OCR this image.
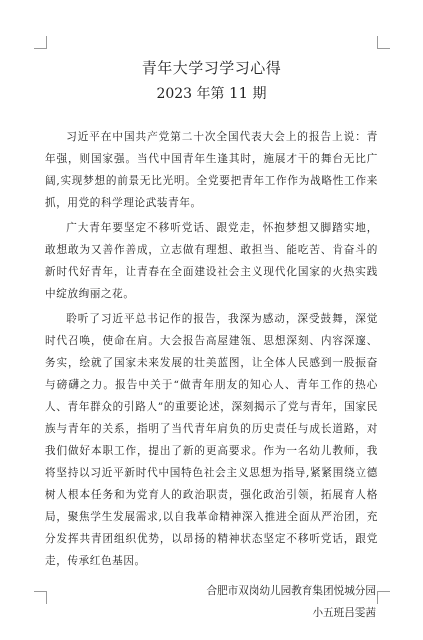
青年大学习学习心得
2023 年第 11 期

习近平在中国共产党第二十次全国代表大会上的报告上说：青年强，则国家强。当代中国青年生逢其时，施展才干的舞台无比广阔,实现梦想的前景无比光明。全党要把青年工作作为战略性工作来抓，用党的科学理论武装青年。

广大青年要坚定不移听党话、跟党走，怀抱梦想又脚踏实地，敢想敢为又善作善成，立志做有理想、敢担当、能吃苦、肯奋斗的新时代好青年，让青春在全面建设社会主义现代化国家的火热实践中绽放绚丽之花。

聆听了习近平总书记作的报告，我深为感动，深受鼓舞，深觉时代召唤，使命在肩。大会报告高屋建瓴、思想深刻、内容深邃、务实，绘就了国家未来发展的壮美蓝图，让全体人民感到一股振奋与磅礴之力。报告中关于“做青年朋友的知心人、青年工作的热心人、青年群众的引路人”的重要论述，深刻揭示了党与青年，国家民族与青年的关系，指明了当代青年肩负的历史责任与成长道路，对我们做好本职工作，提出了新的更高要求。作为一名幼儿教师，我将坚持以习近平新时代中国特色社会主义思想为指导,紧紧围绕立德树人根本任务和为党育人的政治职责，强化政治引领，拓展育人格局，聚焦学生发展需求,以自我革命精神深入推进全面从严治团，充分发挥共青团组织优势，以昂扬的精神状态坚定不移听党话，跟党走，传承红色基因。

合肥市双岗幼儿园教育集团悦城分园
小五班吕雯茜
